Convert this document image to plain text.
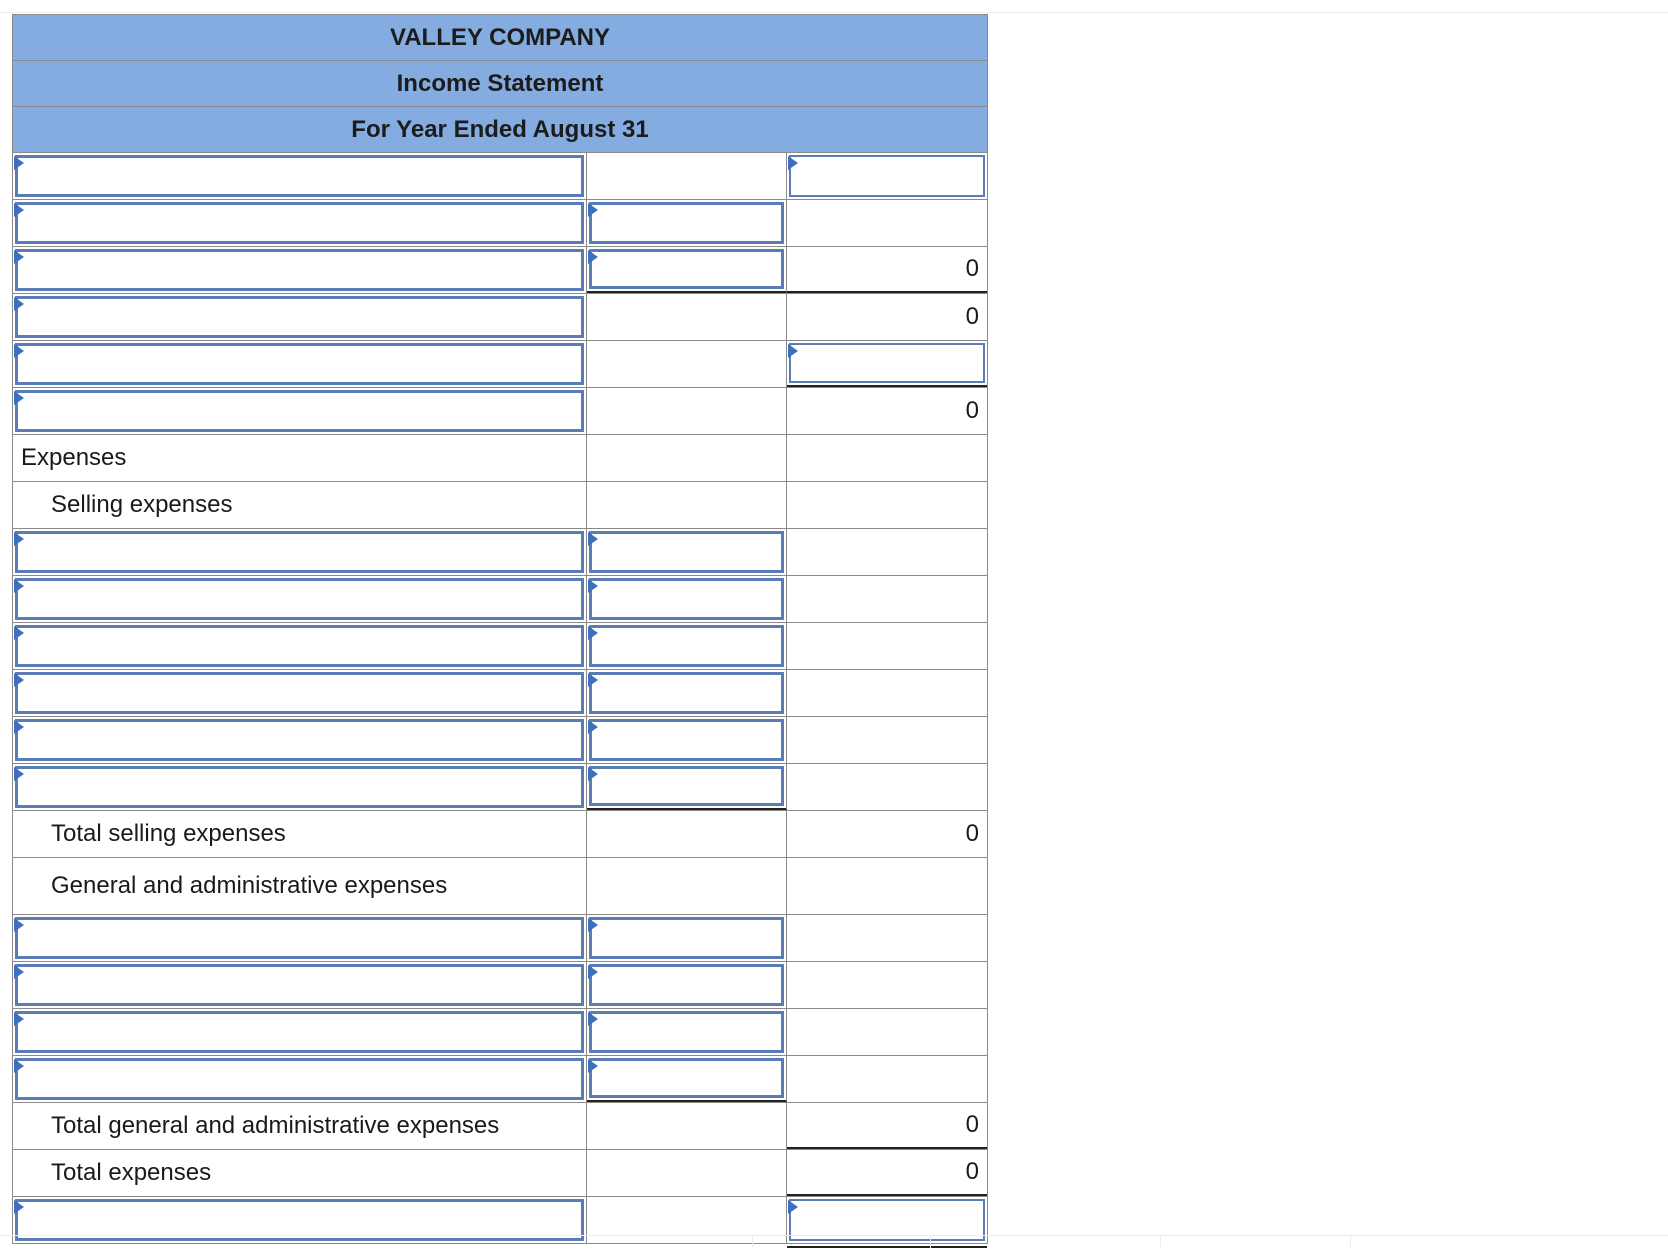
VALLEY COMPANY
Income Statement
For Year Ended August 31
0
0
0
Expenses
Selling expenses
Total selling expenses	0
General and administrative expenses
Total general and administrative expenses	0
Total expenses	0
